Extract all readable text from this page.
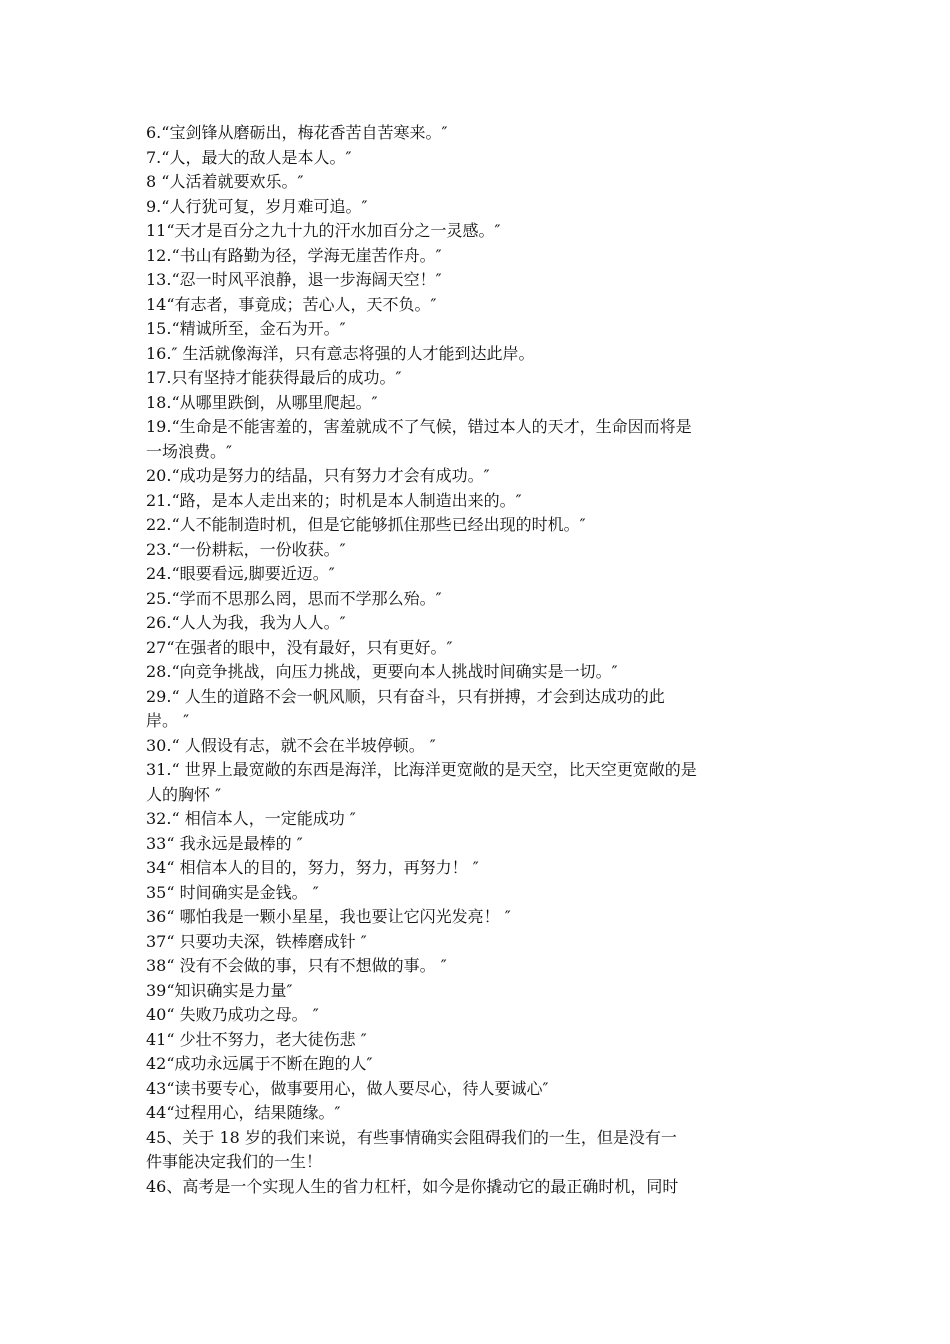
6.“宝剑锋从磨砺出，梅花香苦自苦寒来。″
7.“人，最大的敌人是本人。″
8 “人活着就要欢乐。″
9.“人行犹可复，岁月难可追。″
11“天才是百分之九十九的汗水加百分之一灵感。″
12.“书山有路勤为径，学海无崖苦作舟。″
13.“忍一时风平浪静，退一步海阔天空！″
14“有志者，事竟成；苦心人，天不负。″
15.“精诚所至，金石为开。″
16.″ 生活就像海洋，只有意志将强的人才能到达此岸。
17.只有坚持才能获得最后的成功。″
18.“从哪里跌倒，从哪里爬起。″
19.“生命是不能害羞的，害羞就成不了气候，错过本人的天才，生命因而将是
一场浪费。″
20.“成功是努力的结晶，只有努力才会有成功。″
21.“路，是本人走出来的；时机是本人制造出来的。″
22.“人不能制造时机，但是它能够抓住那些已经出现的时机。″
23.“一份耕耘，一份收获。″
24.“眼要看远,脚要近迈。″
25.“学而不思那么罔，思而不学那么殆。″
26.“人人为我，我为人人。″
27“在强者的眼中，没有最好，只有更好。″
28.“向竞争挑战，向压力挑战，更要向本人挑战时间确实是一切。″
29.“ 人生的道路不会一帆风顺，只有奋斗，只有拼搏，才会到达成功的此
岸。 ″
30.“ 人假设有志，就不会在半坡停顿。 ″
31.“ 世界上最宽敞的东西是海洋，比海洋更宽敞的是天空，比天空更宽敞的是
人的胸怀 ″
32.“ 相信本人，一定能成功 ″
33“ 我永远是最棒的 ″
34“ 相信本人的目的，努力，努力，再努力！ ″
35“ 时间确实是金钱。 ″
36“ 哪怕我是一颗小星星，我也要让它闪光发亮！ ″
37“ 只要功夫深，铁棒磨成针 ″
38“ 没有不会做的事，只有不想做的事。 ″
39“知识确实是力量″
40“ 失败乃成功之母。 ″
41“ 少壮不努力，老大徒伤悲 ″
42“成功永远属于不断在跑的人″
43“读书要专心，做事要用心，做人要尽心，待人要诚心″
44“过程用心，结果随缘。″
45、关于 18 岁的我们来说，有些事情确实会阻碍我们的一生，但是没有一
件事能决定我们的一生！
46、高考是一个实现人生的省力杠杆，如今是你撬动它的最正确时机，同时
